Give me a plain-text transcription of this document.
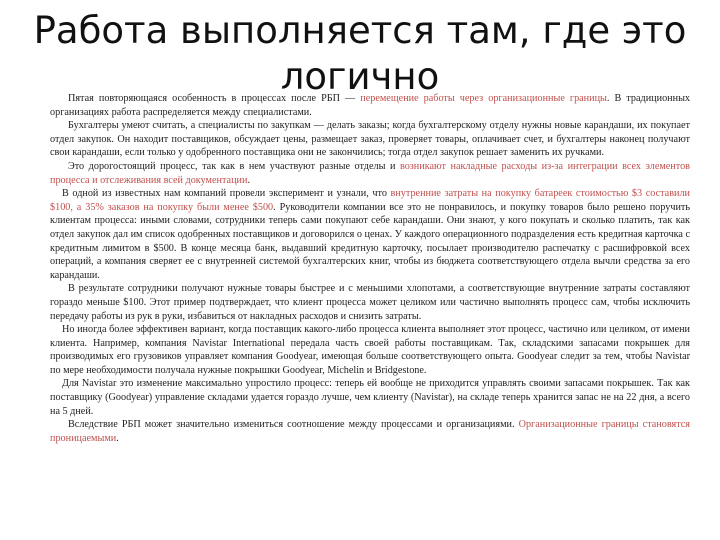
Работа выполняется там, где это
логично

Пятая повторяющаяся особенность в процессах после РБП — перемещение работы через организационные границы. В традиционных организациях работа распределяется между специалистами.

Бухгалтеры умеют считать, а специалисты по закупкам — делать заказы; когда бухгалтерскому отделу нужны новые карандаши, их покупает отдел закупок. Он находит поставщиков, обсуждает цены, размещает заказ, проверяет товары, оплачивает счет, и бухгалтеры наконец получают свои карандаши, если только у одобренного поставщика они не закончились; тогда отдел закупок решает заменить их ручками.

Это дорогостоящий процесс, так как в нем участвуют разные отделы и возникают накладные расходы из-за интеграции всех элементов процесса и отслеживания всей документации.

В одной из известных нам компаний провели эксперимент и узнали, что внутренние затраты на покупку батареек стоимостью $3 составили $100, а 35% заказов на покупку были менее $500. Руководители компании все это не понравилось, и покупку товаров было решено поручить клиентам процесса: иными словами, сотрудники теперь сами покупают себе карандаши. Они знают, у кого покупать и сколько платить, так как отдел закупок дал им список одобренных поставщиков и договорился о ценах. У каждого операционного подразделения есть кредитная карточка с кредитным лимитом в $500. В конце месяца банк, выдавший кредитную карточку, посылает производителю распечатку с расшифровкой всех операций, а компания сверяет ее с внутренней системой бухгалтерских книг, чтобы из бюджета соответствующего отдела вычли средства за его карандаши.

В результате сотрудники получают нужные товары быстрее и с меньшими хлопотами, а соответствующие внутренние затраты составляют гораздо меньше $100. Этот пример подтверждает, что клиент процесса может целиком или частично выполнять процесс сам, чтобы исключить передачу работы из рук в руки, избавиться от накладных расходов и снизить затраты.

Но иногда более эффективен вариант, когда поставщик какого-либо процесса клиента выполняет этот процесс, частично или целиком, от имени клиента. Например, компания Navistar International передала часть своей работы поставщикам. Так, складскими запасами покрышек для производимых его грузовиков управляет компания Goodyear, имеющая больше соответствующего опыта. Goodyear следит за тем, чтобы Navistar по мере необходимости получала нужные покрышки Goodyear, Michelin и Bridgestone.

Для Navistar это изменение максимально упростило процесс: теперь ей вообще не приходится управлять своими запасами покрышек. Так как поставщику (Goodyear) управление складами удается гораздо лучше, чем клиенту (Navistar), на складе теперь хранится запас не на 22 дня, а всего на 5 дней.

Вследствие РБП может значительно измениться соотношение между процессами и организациями. Организационные границы становятся проницаемыми.
